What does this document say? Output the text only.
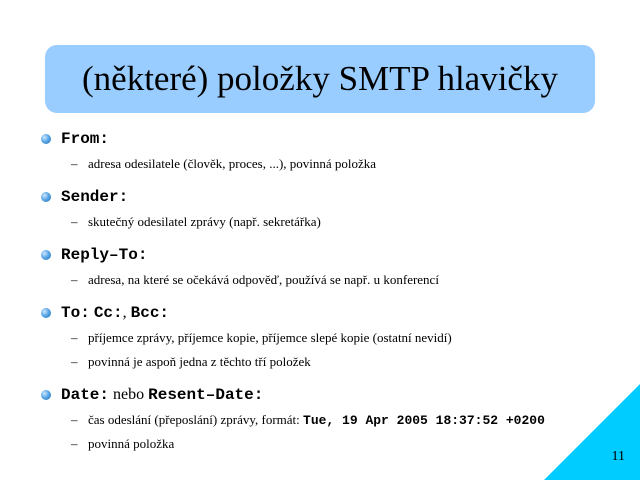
(některé) položky SMTP hlavičky
From:
– adresa odesilatele (člověk, proces, ...), povinná položka
Sender:
– skutečný odesilatel zprávy (např. sekretářka)
Reply–To:
– adresa, na které se očekává odpověď, používá se např. u konferencí
To: Cc:, Bcc:
– příjemce zprávy, příjemce kopie, příjemce slepé kopie (ostatní nevidí)
– povinná je aspoň jedna z těchto tří položek
Date: nebo Resent–Date:
– čas odeslání (přeposlání) zprávy, formát: Tue, 19 Apr 2005 18:37:52 +0200
– povinná položka
11
